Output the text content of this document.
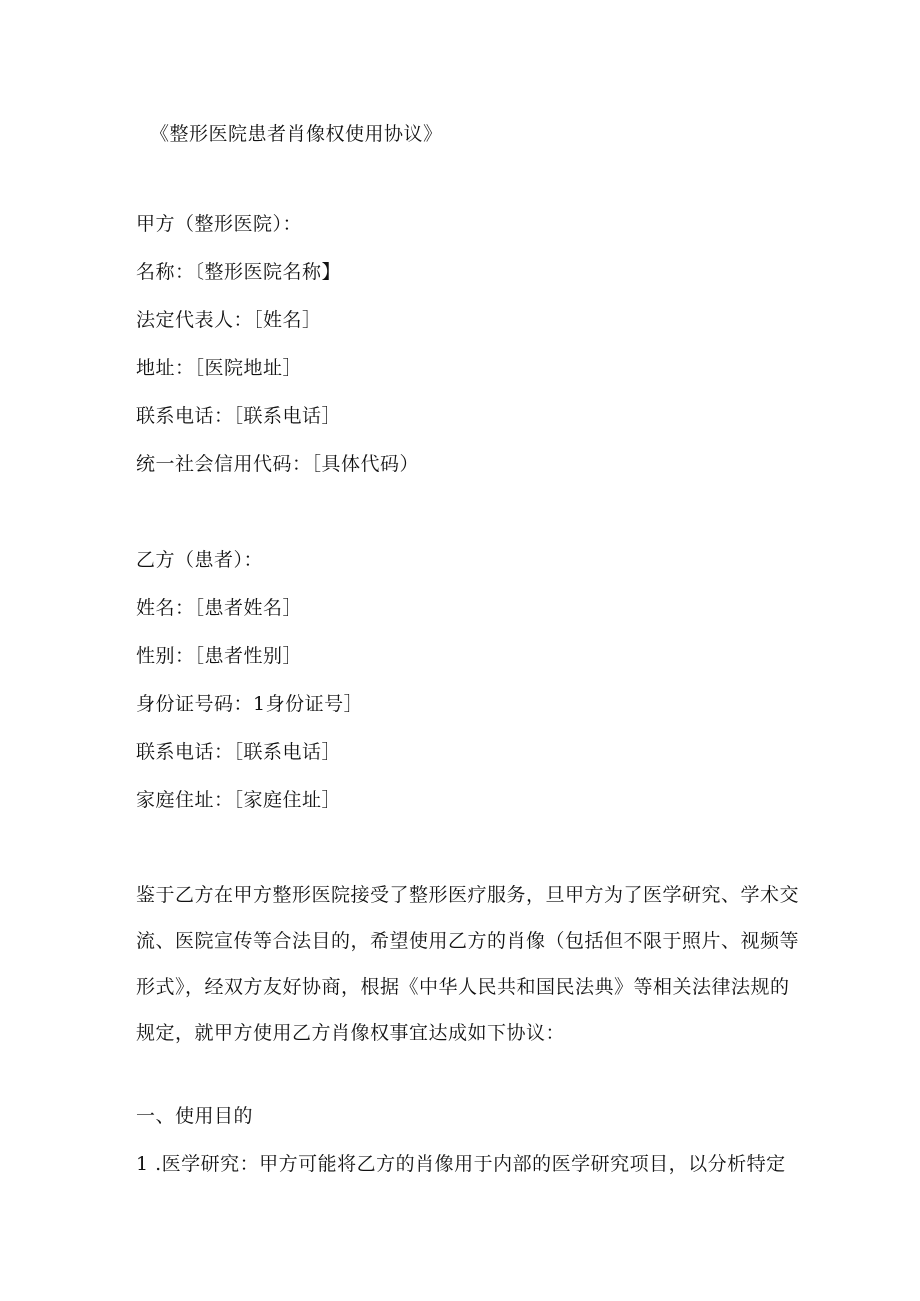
《整形医院患者肖像权使用协议》
甲方（整形医院）：
名称：〔整形医院名称】
法定代表人：［姓名］
地址：［医院地址］
联系电话：［联系电话］
统一社会信用代码：［具体代码）
乙方（患者）：
姓名：［患者姓名］
性别：［患者性别］
身份证号码：1身份证号］
联系电话：［联系电话］
家庭住址：［家庭住址］
鉴于乙方在甲方整形医院接受了整形医疗服务，旦甲方为了医学研究、学术交
流、医院宣传等合法目的，希望使用乙方的肖像（包括但不限于照片、视频等
形式》，经双方友好协商，根据《中华人民共和国民法典》等相关法律法规的
规定，就甲方使用乙方肖像权事宜达成如下协议：
一、使用目的
1 .医学研究：甲方可能将乙方的肖像用于内部的医学研究项目，以分析特定
